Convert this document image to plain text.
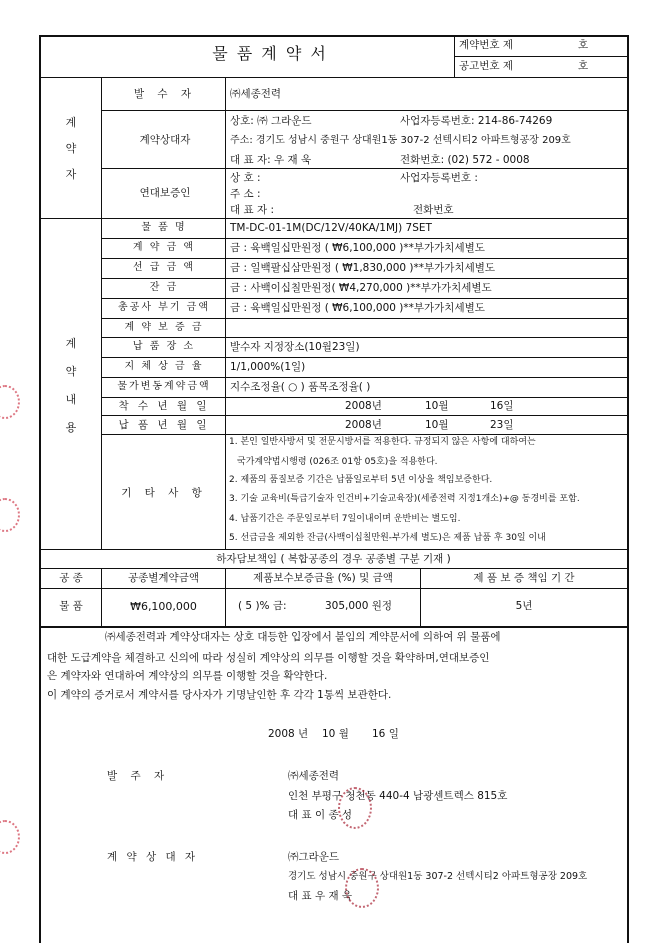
물 품 계 약 서	계약번호 제	호
공고번호 제	호
계약자
발 수 자	㈜세종전력
계약상대자
상호: ㈜ 그라운드	사업자등록번호: 214-86-74269
주소: 경기도 성남시 중원구 상대원1동 307-2 선텍시티2 아파트형공장 209호
대 표 자: 우 재 욱	전화번호: (02) 572 - 0008
연대보증인
상 호 :	사업자등록번호 :
주 소 :
대 표 자 :	전화번호
계약내용
물 품 명	TM-DC-01-1M(DC/12V/40KA/1MJ) 7SET
계 약 금 액	금 : 육백일십만원정 ( ₩6,100,000 )**부가가치세별도
선 급 금 액	금 : 일백팔십삼만원정 ( ₩1,830,000 )**부가가치세별도
잔 금	금 : 사백이십칠만원정( ₩4,270,000 )**부가가치세별도
총공사 부기 금액	금 : 육백일십만원정 ( ₩6,100,000 )**부가가치세별도
계 약 보 증 금
납 품 장 소	발수자 지정장소(10월23일)
지 체 상 금 율	1/1,000%(1일)
물가변동계약금액	지수조정율( ○ ) 품목조정율( )
착 수 년 월 일	2008년	10월	16일
납 품 년 월 일	2008년	10월	23일
기 타 사 항
1. 본인 일반사방서 및 전문시방서를 적용한다. 규정되지 않은 사항에 대하여는
국가계약법시행령 (026조 01항 05호)을 적용한다.
2. 제품의 품질보증 기간은 납품일로부터 5년 이상을 책임보증한다.
3. 기술 교육비(특급기술자 인건비+기술교육장)(세종전력 지정1개소)+@ 동경비를 포함.
4. 납품기간은 주문일로부터 7일이내이며 운반비는 별도임.
5. 선급금을 제외한 잔금(사백이십칠만원-부가세 별도)은 제품 납품 후 30일 이내
하자담보책임 ( 복합공종의 경우 공종별 구분 기재 )
공 종	공종별계약금액	제품보수보증금율 (%) 및 금액	제 품 보 증 책임 기 간
물 품	₩6,100,000	( 5 )% 금:	305,000 원정	5년
㈜세종전력과 계약상대자는 상호 대등한 입장에서 붙임의 계약문서에 의하여 위 물품에
대한 도급계약을 체결하고 신의에 따라 성실히 계약상의 의무를 이행할 것을 확약하며,연대보증인
은 계약자와 연대하여 계약상의 의무를 이행할 것을 확약한다.
이 계약의 증거로서 계약서를 당사자가 기명날인한 후 각각 1통씩 보관한다.
2008 년 10 월 16 일
발 주 자	㈜세종전력
인천 부평구 청천동 440-4 남광센트렉스 815호
대 표 이 종 성
계 약 상 대 자	㈜그라운드
경기도 성남시 중원구 상대원1동 307-2 선텍시티2 아파트형공장 209호
대 표 우 재 욱
